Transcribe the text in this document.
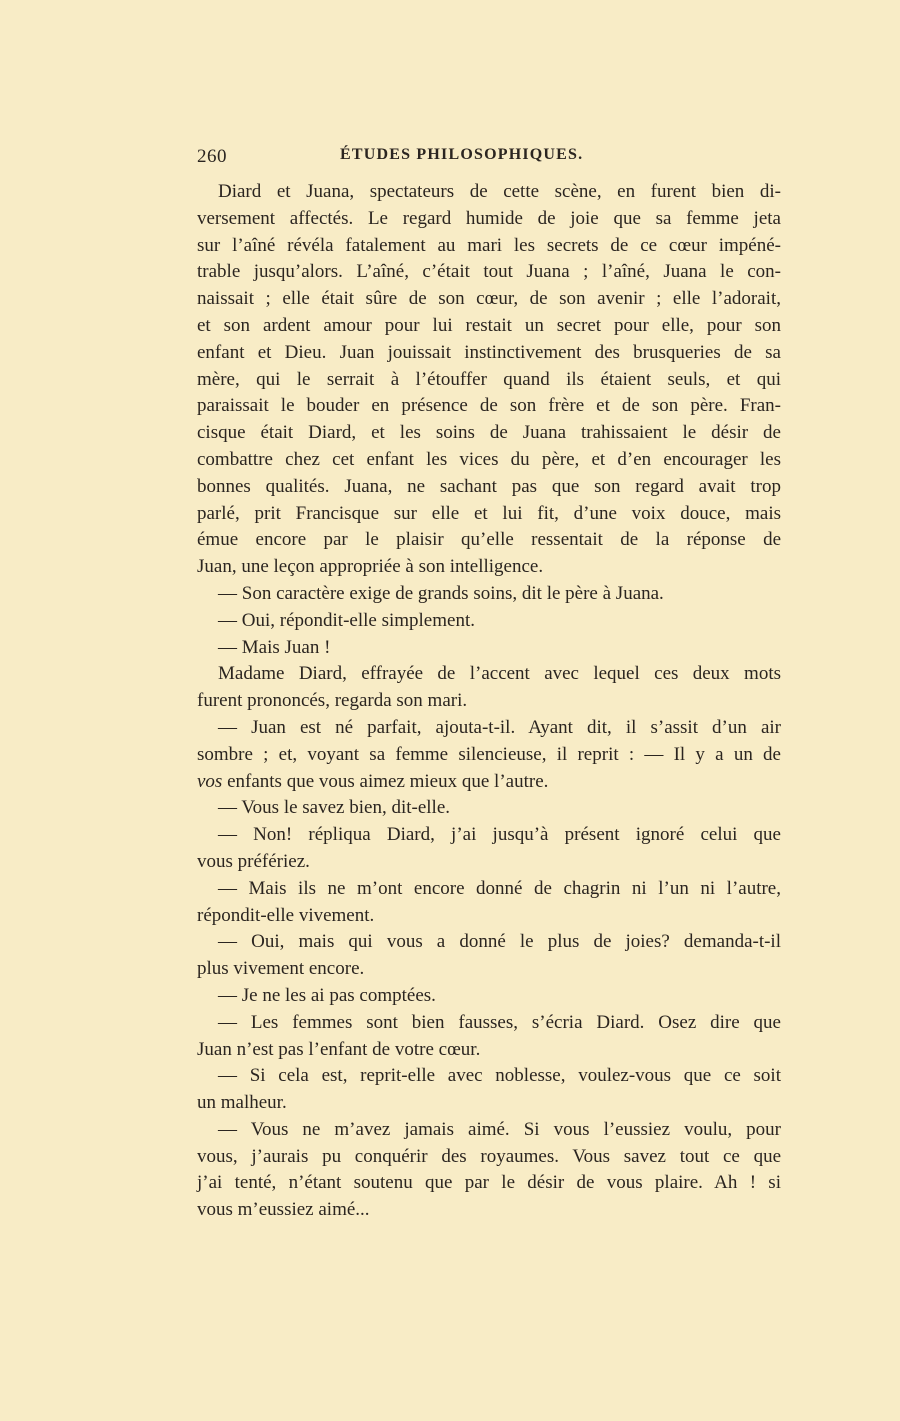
260	ÉTUDES PHILOSOPHIQUES.
Diard et Juana, spectateurs de cette scène, en furent bien di-
versement affectés. Le regard humide de joie que sa femme jeta
sur l’aîné révéla fatalement au mari les secrets de ce cœur impéné-
trable jusqu’alors. L’aîné, c’était tout Juana ; l’aîné, Juana le con-
naissait ; elle était sûre de son cœur, de son avenir ; elle l’adorait,
et son ardent amour pour lui restait un secret pour elle, pour son
enfant et Dieu. Juan jouissait instinctivement des brusqueries de sa
mère, qui le serrait à l’étouffer quand ils étaient seuls, et qui
paraissait le bouder en présence de son frère et de son père. Fran-
cisque était Diard, et les soins de Juana trahissaient le désir de
combattre chez cet enfant les vices du père, et d’en encourager les
bonnes qualités. Juana, ne sachant pas que son regard avait trop
parlé, prit Francisque sur elle et lui fit, d’une voix douce, mais
émue encore par le plaisir qu’elle ressentait de la réponse de
Juan, une leçon appropriée à son intelligence.
— Son caractère exige de grands soins, dit le père à Juana.
— Oui, répondit-elle simplement.
— Mais Juan !
Madame Diard, effrayée de l’accent avec lequel ces deux mots
furent prononcés, regarda son mari.
— Juan est né parfait, ajouta-t-il. Ayant dit, il s’assit d’un air
sombre ; et, voyant sa femme silencieuse, il reprit : — Il y a un de
vos enfants que vous aimez mieux que l’autre.
— Vous le savez bien, dit-elle.
— Non! répliqua Diard, j’ai jusqu’à présent ignoré celui que
vous préfériez.
— Mais ils ne m’ont encore donné de chagrin ni l’un ni l’autre,
répondit-elle vivement.
— Oui, mais qui vous a donné le plus de joies? demanda-t-il
plus vivement encore.
— Je ne les ai pas comptées.
— Les femmes sont bien fausses, s’écria Diard. Osez dire que
Juan n’est pas l’enfant de votre cœur.
— Si cela est, reprit-elle avec noblesse, voulez-vous que ce soit
un malheur.
— Vous ne m’avez jamais aimé. Si vous l’eussiez voulu, pour
vous, j’aurais pu conquérir des royaumes. Vous savez tout ce que
j’ai tenté, n’étant soutenu que par le désir de vous plaire. Ah ! si
vous m’eussiez aimé...
